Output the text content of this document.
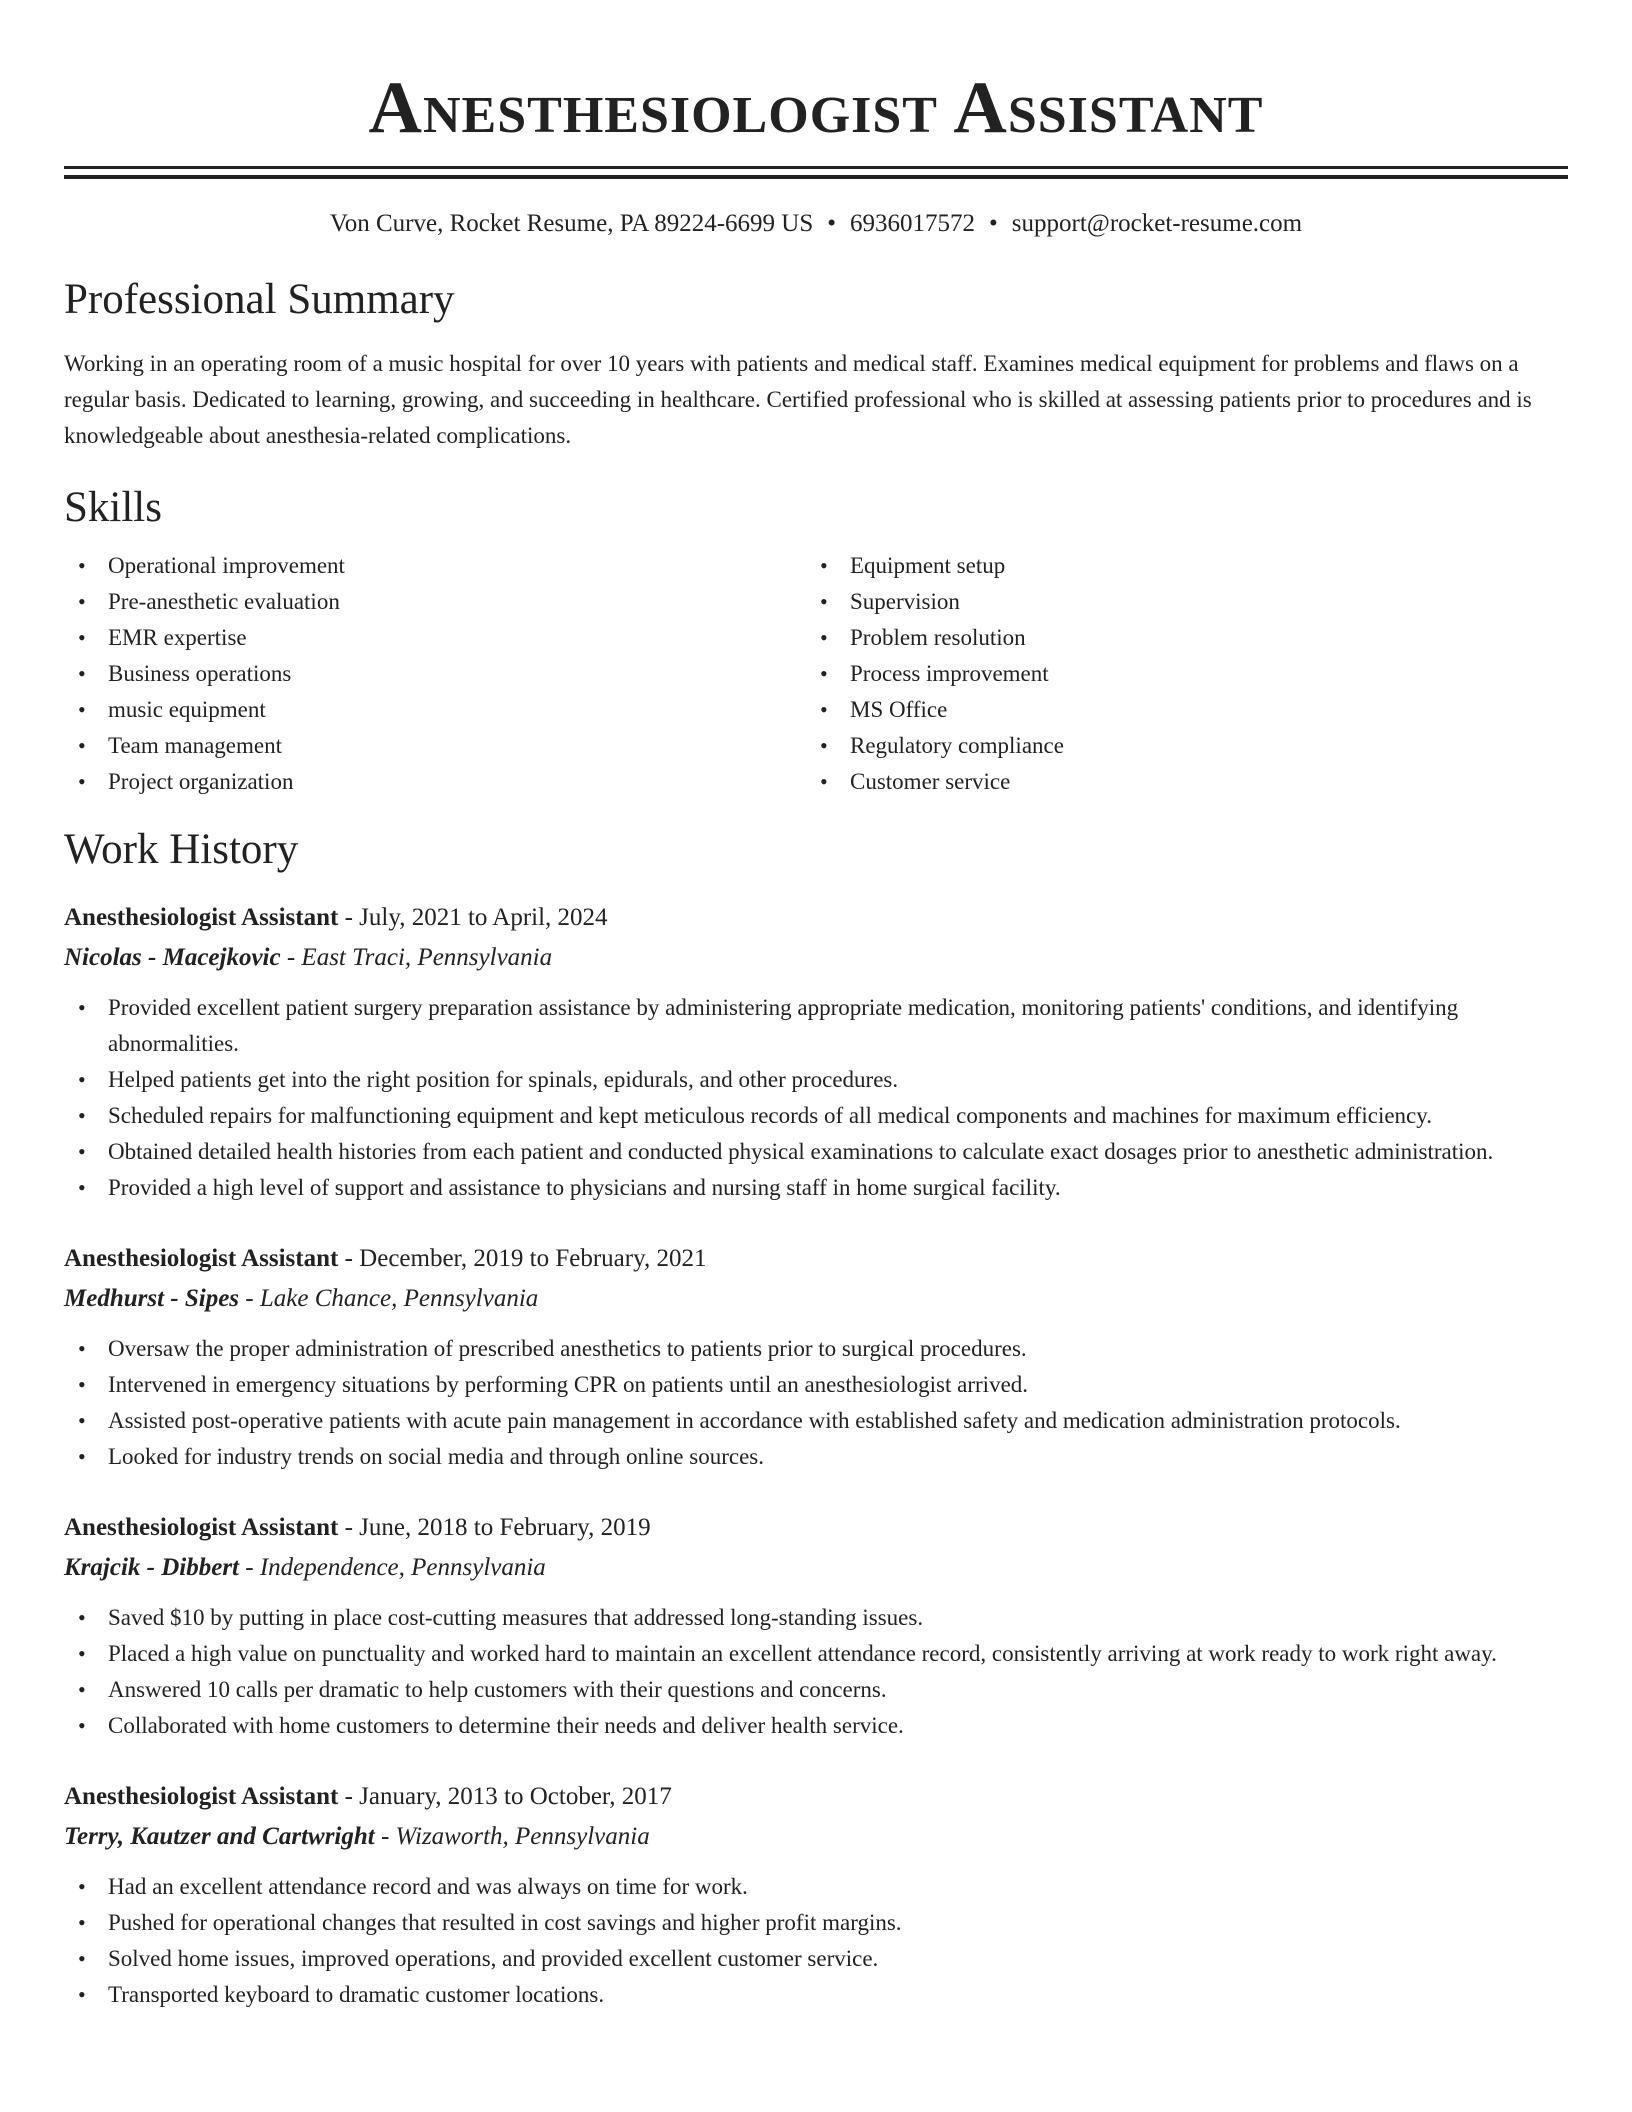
Anesthesiologist Assistant
Von Curve, Rocket Resume, PA 89224-6699 US • 6936017572 • support@rocket-resume.com
Professional Summary
Working in an operating room of a music hospital for over 10 years with patients and medical staff. Examines medical equipment for problems and flaws on a regular basis. Dedicated to learning, growing, and succeeding in healthcare. Certified professional who is skilled at assessing patients prior to procedures and is knowledgeable about anesthesia-related complications.
Skills
• Operational improvement
• Pre-anesthetic evaluation
• EMR expertise
• Business operations
• music equipment
• Team management
• Project organization
• Equipment setup
• Supervision
• Problem resolution
• Process improvement
• MS Office
• Regulatory compliance
• Customer service
Work History
Anesthesiologist Assistant - July, 2021 to April, 2024
Nicolas - Macejkovic - East Traci, Pennsylvania
• Provided excellent patient surgery preparation assistance by administering appropriate medication, monitoring patients' conditions, and identifying abnormalities.
• Helped patients get into the right position for spinals, epidurals, and other procedures.
• Scheduled repairs for malfunctioning equipment and kept meticulous records of all medical components and machines for maximum efficiency.
• Obtained detailed health histories from each patient and conducted physical examinations to calculate exact dosages prior to anesthetic administration.
• Provided a high level of support and assistance to physicians and nursing staff in home surgical facility.
Anesthesiologist Assistant - December, 2019 to February, 2021
Medhurst - Sipes - Lake Chance, Pennsylvania
• Oversaw the proper administration of prescribed anesthetics to patients prior to surgical procedures.
• Intervened in emergency situations by performing CPR on patients until an anesthesiologist arrived.
• Assisted post-operative patients with acute pain management in accordance with established safety and medication administration protocols.
• Looked for industry trends on social media and through online sources.
Anesthesiologist Assistant - June, 2018 to February, 2019
Krajcik - Dibbert - Independence, Pennsylvania
• Saved $10 by putting in place cost-cutting measures that addressed long-standing issues.
• Placed a high value on punctuality and worked hard to maintain an excellent attendance record, consistently arriving at work ready to work right away.
• Answered 10 calls per dramatic to help customers with their questions and concerns.
• Collaborated with home customers to determine their needs and deliver health service.
Anesthesiologist Assistant - January, 2013 to October, 2017
Terry, Kautzer and Cartwright - Wizaworth, Pennsylvania
• Had an excellent attendance record and was always on time for work.
• Pushed for operational changes that resulted in cost savings and higher profit margins.
• Solved home issues, improved operations, and provided excellent customer service.
• Transported keyboard to dramatic customer locations.
